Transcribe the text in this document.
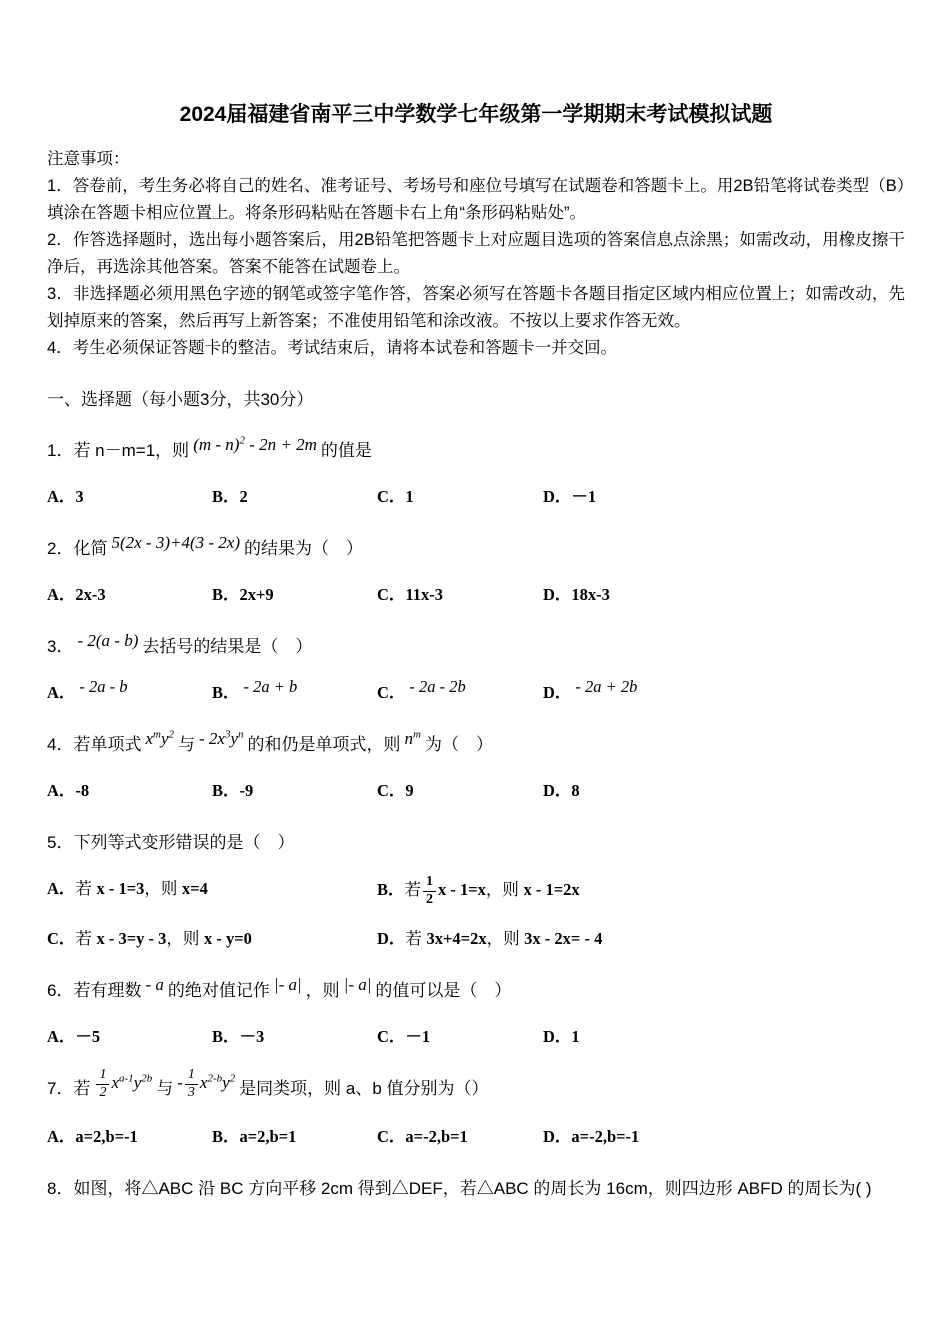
2024届福建省南平三中学数学七年级第一学期期末考试模拟试题
注意事项：

1．答卷前，考生务必将自己的姓名、准考证号、考场号和座位号填写在试题卷和答题卡上。用2B铅笔将试卷类型（B）填涂在答题卡相应位置上。将条形码粘贴在答题卡右上角“条形码粘贴处”。

2．作答选择题时，选出每小题答案后，用2B铅笔把答题卡上对应题目选项的答案信息点涂黑；如需改动，用橡皮擦干净后，再选涂其他答案。答案不能答在试题卷上。

3．非选择题必须用黑色字迹的钢笔或签字笔作答，答案必须写在答题卡各题目指定区域内相应位置上；如需改动，先划掉原来的答案，然后再写上新答案；不准使用铅笔和涂改液。不按以上要求作答无效。

4．考生必须保证答题卡的整洁。考试结束后，请将本试卷和答题卡一并交回。

一、选择题（每小题3分，共30分）
1．若 n－m=1，则 (m - n)$^2$ - 2n + 2m 的值是
A．3	B．2	C．1	D．－1
2．化简 5(2x - 3)+4(3 - 2x) 的结果为（　）
A．2x-3	B．2x+9	C．11x-3	D．18x-3
3． - 2(a - b) 去括号的结果是（　）
A． - 2a - b	B． - 2a + b	C． - 2a - 2b	D． - 2a + 2b
4．若单项式 $x^my^2$与 - $2x^3y^n$的和仍是单项式，则 $n^m$为（　）
A．-8	B．-9	C．9	D．8
5．下列等式变形错误的是（　）
A．若 x - 1=3，则 x=4	B．若 $\frac{1}{2}$ x - 1=x，则 x - 1=2x
C．若 x - 3=y - 3，则 x - y=0	D．若 3x+4=2x，则 3x - 2x= - 4
6．若有理数 - a 的绝对值记作 |- a| ，则 |- a| 的值可以是（　）
A．－5	B．－3	C．－1	D．1
7．若 $\frac{1}{2} x^{a-1}y^{2b}$与 - $\frac{1}{3} x^{2-b}y^2$是同类项，则 a、b 值分别为（）
A．a=2,b=-1	B．a=2,b=1	C．a=-2,b=1	D．a=-2,b=-1
8．如图，将△ABC 沿 BC 方向平移 2cm 得到△DEF，若△ABC 的周长为 16cm，则四边形 ABFD 的周长为( )
